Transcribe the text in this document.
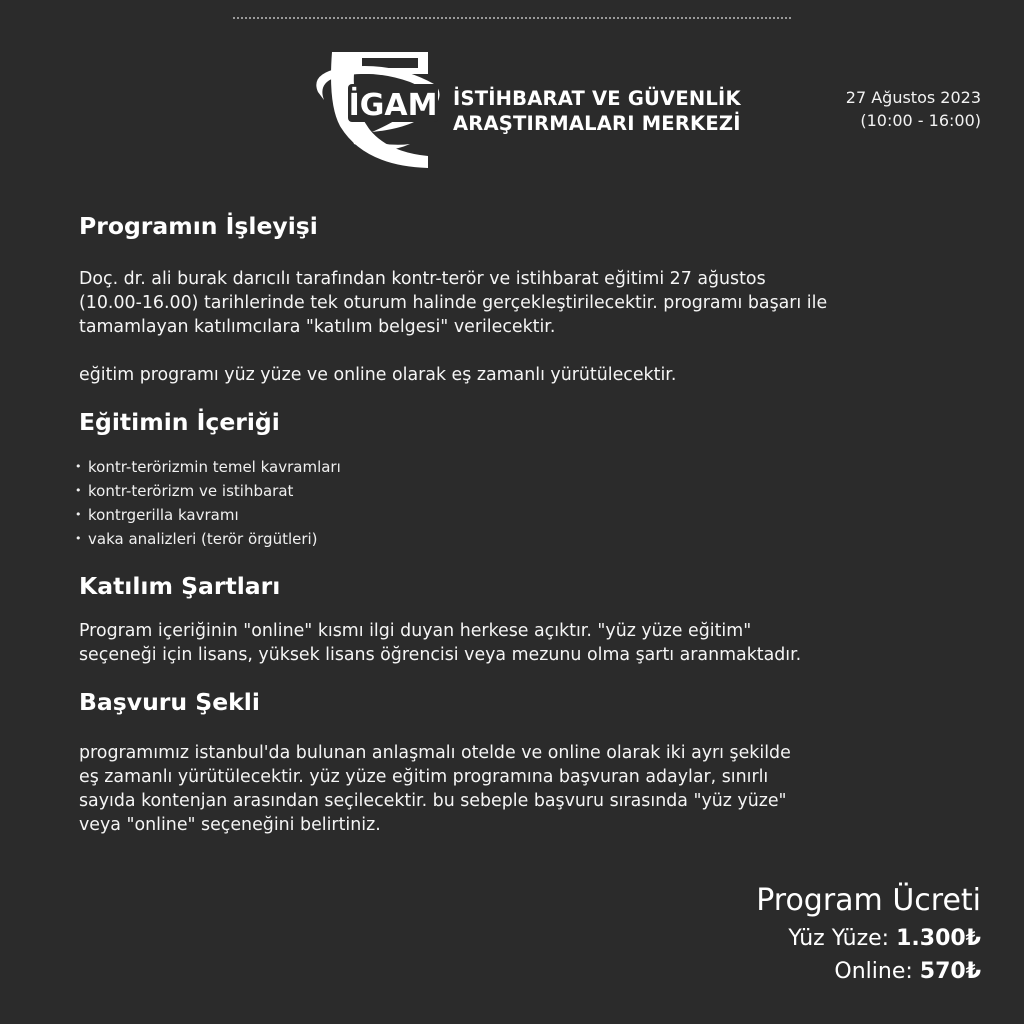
İGAM İSTİHBARAT VE GÜVENLİK
ARAŞTIRMALARI MERKEZİ
27 Ağustos 2023
(10:00 - 16:00)
Programın İşleyişi

Doç. dr. ali burak darıcılı tarafından kontr-terör ve istihbarat eğitimi 27 ağustos

(10.00-16.00) tarihlerinde tek oturum halinde gerçekleştirilecektir. programı başarı ile

tamamlayan katılımcılara "katılım belgesi" verilecektir.

eğitim programı yüz yüze ve online olarak eş zamanlı yürütülecektir.

Eğitimin İçeriği
• kontr-terörizmin temel kavramları
• kontr-terörizm ve istihbarat
• kontrgerilla kavramı
• vaka analizleri (terör örgütleri)
Katılım Şartları

Program içeriğinin "online" kısmı ilgi duyan herkese açıktır. "yüz yüze eğitim"

seçeneği için lisans, yüksek lisans öğrencisi veya mezunu olma şartı aranmaktadır.

Başvuru Şekli

programımız istanbul'da bulunan anlaşmalı otelde ve online olarak iki ayrı şekilde

eş zamanlı yürütülecektir. yüz yüze eğitim programına başvuran adaylar, sınırlı

sayıda kontenjan arasından seçilecektir. bu sebeple başvuru sırasında "yüz yüze"

veya "online" seçeneğini belirtiniz.

Program Ücreti
Yüz Yüze: 1.300₺
Online: 570₺
